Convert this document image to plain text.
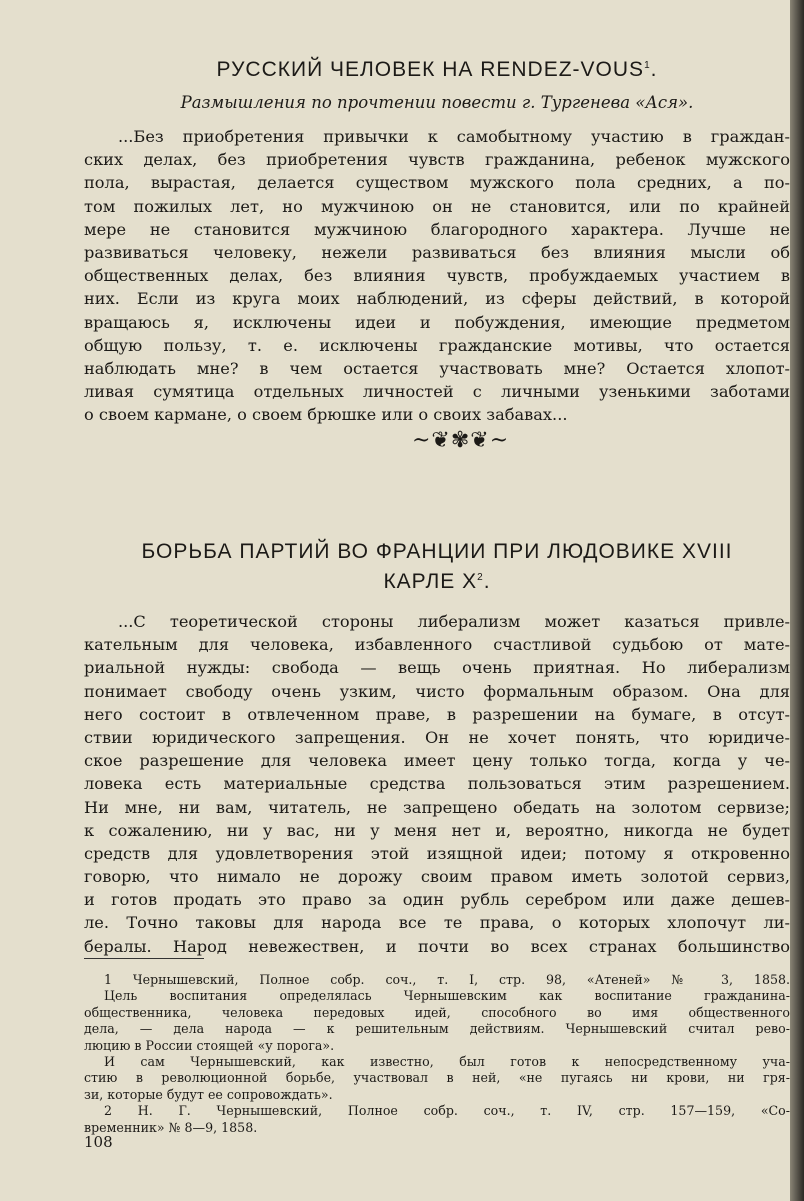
РУССКИЙ ЧЕЛОВЕК НА RENDEZ-VOUS$^1$.
Размышления по прочтении повести г. Тургенева «Ася».
...Без приобретения привычки к самобытному участию в граждан-
ских делах, без приобретения чувств гражданина, ребенок мужского
пола, вырастая, делается существом мужского пола средних, а по-
том пожилых лет, но мужчиною он не становится, или по крайней
мере не становится мужчиною благородного характера. Лучше не
развиваться человеку, нежели развиваться без влияния мысли об
общественных делах, без влияния чувств, пробуждаемых участием в
них. Если из круга моих наблюдений, из сферы действий, в которой
вращаюсь я, исключены идеи и побуждения, имеющие предметом
общую пользу, т. е. исключены гражданские мотивы, что остается
наблюдать мне? в чем остается участвовать мне? Остается хлопот-
ливая сумятица отдельных личностей с личными узенькими заботами
о своем кармане, о своем брюшке или о своих забавах...
~❦✾❦~
БОРЬБА ПАРТИЙ ВО ФРАНЦИИ ПРИ ЛЮДОВИКЕ XVIII
КАРЛЕ $X^2$.
...С теоретической стороны либерализм может казаться привле-
кательным для человека, избавленного счастливой судьбою от мате-
риальной нужды: свобода — вещь очень приятная. Но либерализм
понимает свободу очень узким, чисто формальным образом. Она для
него состоит в отвлеченном праве, в разрешении на бумаге, в отсут-
ствии юридического запрещения. Он не хочет понять, что юридиче-
ское разрешение для человека имеет цену только тогда, когда у че-
ловека есть материальные средства пользоваться этим разрешением.
Ни мне, ни вам, читатель, не запрещено обедать на золотом сервизе;
к сожалению, ни у вас, ни у меня нет и, вероятно, никогда не будет
средств для удовлетворения этой изящной идеи; потому я откровенно
говорю, что нимало не дорожу своим правом иметь золотой сервиз,
и готов продать это право за один рубль серебром или даже дешев-
ле. Точно таковы для народа все те права, о которых хлопочут ли-
бералы. Народ невежествен, и почти во всех странах большинство
1 Чернышевский, Полное собр. соч., т. I, стр. 98, «Атеней» № 3, 1858.
Цель воспитания определялась Чернышевским как воспитание гражданина-
общественника, человека передовых идей, способного во имя общественного
дела, — дела народа — к решительным действиям. Чернышевский считал рево-
люцию в России стоящей «у порога».
И сам Чернышевский, как известно, был готов к непосредственному уча-
стию в революционной борьбе, участвовал в ней, «не пугаясь ни крови, ни гря-
зи, которые будут ее сопровождать».
2 Н. Г. Чернышевский, Полное собр. соч., т. IV, стр. 157—159, «Со-
временник» № 8—9, 1858.
108
